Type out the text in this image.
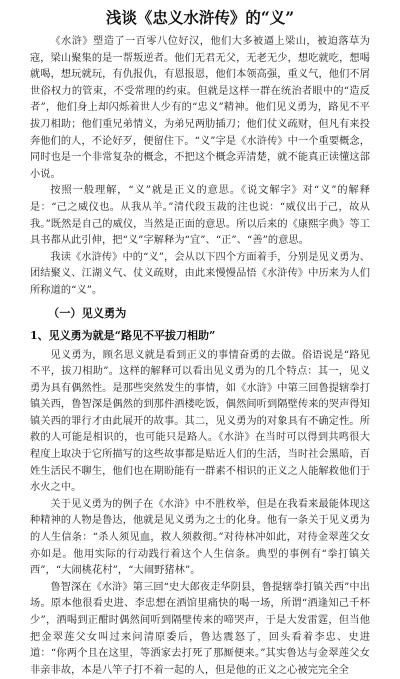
浅谈《忠义水浒传》的“义”

《水浒》塑造了一百零八位好汉，他们大多被逼上梁山，被迫落草为寇，梁山聚集的是一帮叛逆者。他们无君无父，无老无少，想吃就吃，想喝就喝，想玩就玩，有仇报仇，有恩报恩，他们本领高强，重义气，他们不屑世俗权力的管束，不受常理的约束。但就是这样一群在统治者眼中的“造反者”，他们身上却闪烁着世人少有的“忠义”精神。他们见义勇为，路见不平拔刀相助；他们重兄弟情义，为弟兄两肋插刀；他们仗义疏财，但凡有来投奔他们的人，不论好歹，便留住下。“义”字是《水浒传》中一个重要概念，同时也是一个非常复杂的概念，不把这个概念弄清楚，就不能真正读懂这部小说。

按照一般理解，“义”就是正义的意思。《说文解字》对“义”的解释是：“己之威仪也。从我从羊。”清代段玉裁的注也说：“威仪出于己，故从我。”既然是自己的威仪，当然是正面的意思。所以后来的《康熙字典》等工具书都从此引伸，把“义”字解释为“宜”、“正”、“善”的意思。

我读《水浒传》中的“义”，会从以下四个方面着手，分别是见义勇为、团结聚义、江湖义气、仗义疏财，由此来慢慢品悟《水浒传》中历来为人们所称道的“义”。

（一）见义勇为
1、见义勇为就是“路见不平拔刀相助”

见义勇为，顾名思义就是看到正义的事情奋勇的去做。俗语说是“路见不平，拔刀相助”。这样的解释可以看出见义勇为的几个特点：其一，见义勇为具有偶然性。是那些突然发生的事情，如《水浒》中第三回鲁提辖拳打镇关西，鲁智深是偶然的到那件酒楼吃饭，偶然间听到隔壁传来的哭声得知镇关西的罪行才由此展开的故事。其二，见义勇为的对象具有不确定性。所救的人可能是相识的，也可能只是路人。《水浒》在当时可以得到共鸣很大程度上取决于它所描写的这些故事都是贴近人们的生活，当时社会黑暗，百姓生活民不聊生，他们也在期盼能有一群素不相识的正义之人能解救他们于水火之中。

关于见义勇为的例子在《水浒》中不胜枚举，但是在我看来最能体现这种精神的人物是鲁达，他就是见义勇为之士的化身。他有一条关于见义勇为的人生信条：“杀人须见血，救人须救彻。”对待林冲如此，对待金翠莲父女亦如是。他用实际的行动践行着这个人生信条。典型的事例有“拳打镇关西”，“大闹桃花村”，“大闹野猪林”。

鲁智深在《水浒》第三回“史大郎夜走华阴县，鲁提辖拳打镇关西”中出场。原本他很看史进、李忠想在酒馆里痛快的喝一场，所谓“酒逢知己千杯少”，酒喝到正酣时偶然间听到隔壁传来的啼哭声，于是大发雷霆，但当他把金翠莲父女叫过来问清原委后，鲁达震怒了，回头看着李忠、史进道：“你两个且在这里，等洒家去打死了那厮便来。”其实鲁达与金翠莲父女非亲非故，本是八竿子打不着一起的人，但是他的正义之心被完完全全
